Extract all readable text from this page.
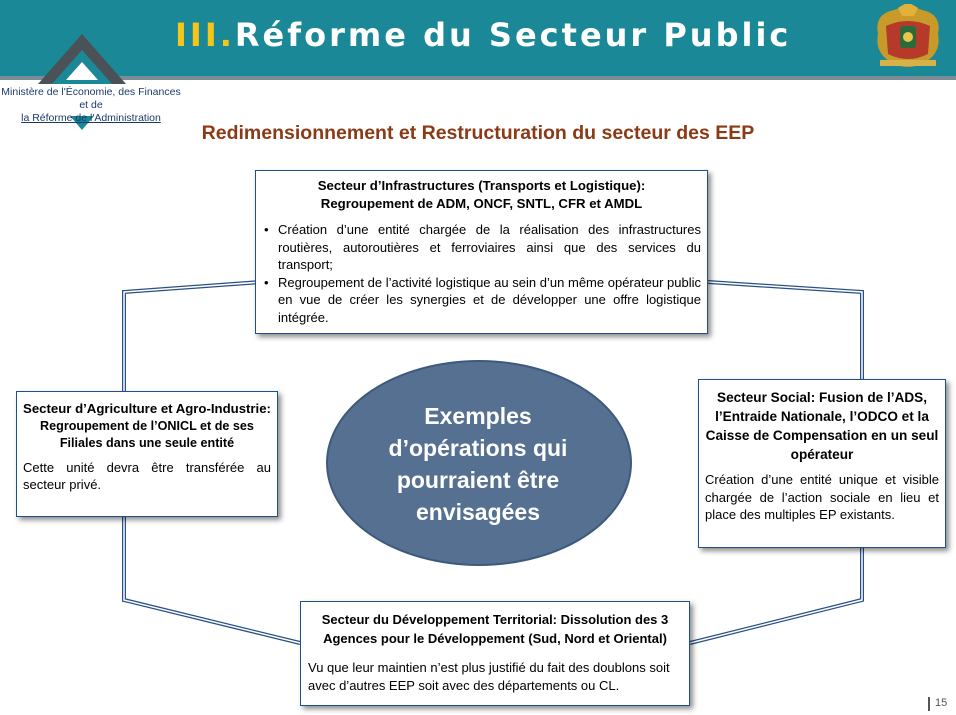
III.Réforme du Secteur Public
Ministère de l'Économie, des Finances et de
la Réforme de l'Administration
Redimensionnement et Restructuration du secteur des EEP
Secteur d’Infrastructures (Transports et Logistique):
Regroupement de ADM, ONCF, SNTL, CFR et AMDL
• Création d’une entité chargée de la réalisation des infrastructures routières, autoroutières et ferroviaires ainsi que des services du transport;
• Regroupement de l’activité logistique au sein d’un même opérateur public en vue de créer les synergies et de développer une offre logistique intégrée.
Secteur d’Agriculture et Agro-Industrie:
Regroupement de l’ONICL et de ses Filiales dans une seule entité
Cette unité devra être transférée au secteur privé.
Secteur Social: Fusion de l’ADS, l’Entraide Nationale, l’ODCO et la Caisse de Compensation en un seul opérateur
Création d’une entité unique et visible chargée de l’action sociale en lieu et place des multiples EP existants.
Secteur du Développement Territorial: Dissolution des 3 Agences pour le Développement (Sud, Nord et Oriental)
Vu que leur maintien n’est plus justifié du fait des doublons soit avec d’autres EEP soit avec des départements ou CL.
Exemples
d’opérations qui
pourraient être
envisagées
15
